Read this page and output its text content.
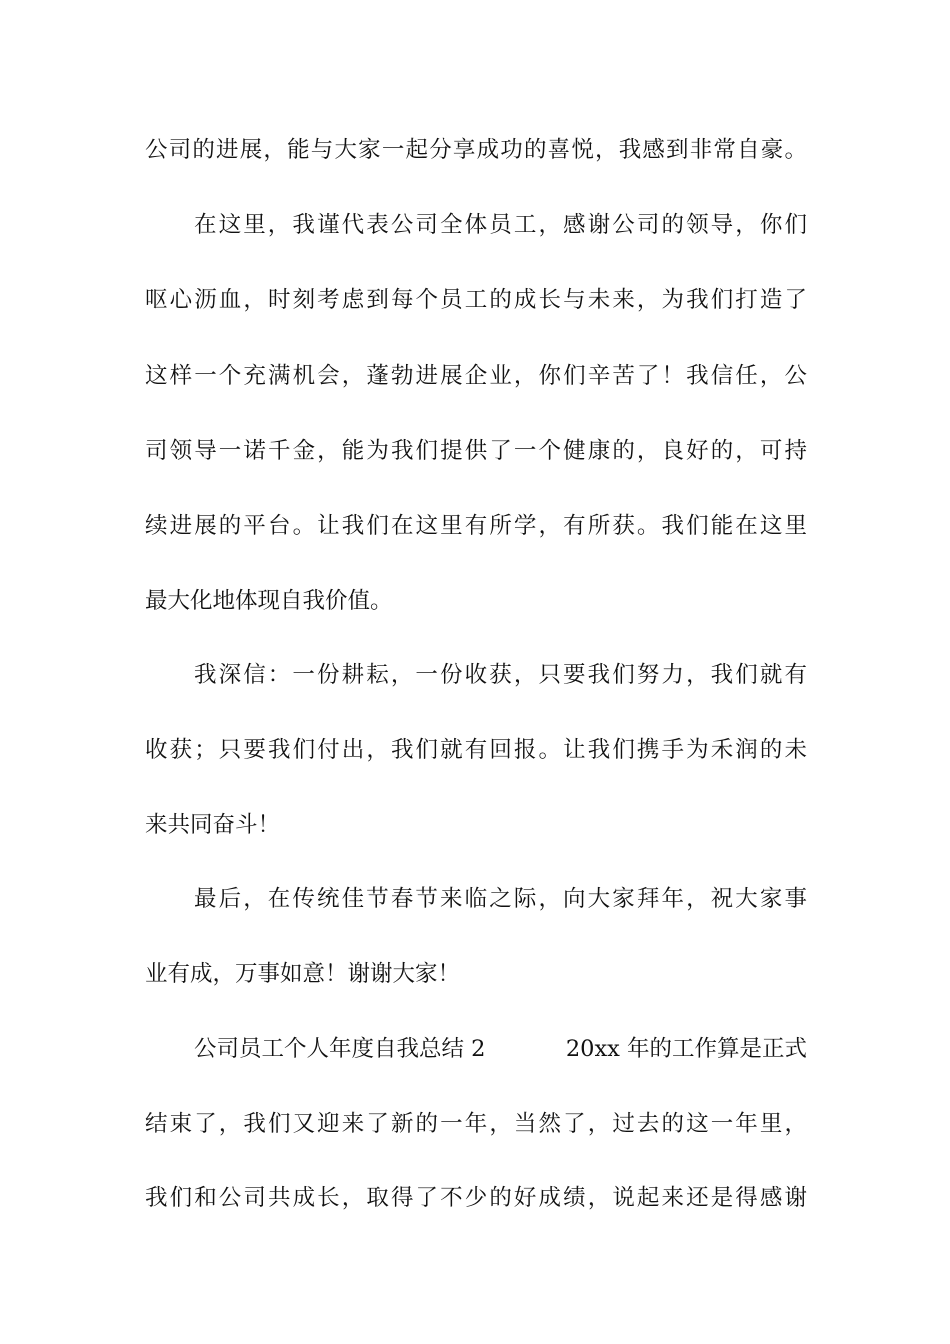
公司的进展，能与大家一起分享成功的喜悦，我感到非常自豪。
在这里，我谨代表公司全体员工，感谢公司的领导，你们
呕心沥血，时刻考虑到每个员工的成长与未来，为我们打造了
这样一个充满机会，蓬勃进展企业，你们辛苦了！我信任，公
司领导一诺千金，能为我们提供了一个健康的，良好的，可持
续进展的平台。让我们在这里有所学，有所获。我们能在这里
最大化地体现自我价值。
我深信：一份耕耘，一份收获，只要我们努力，我们就有
收获；只要我们付出，我们就有回报。让我们携手为禾润的未
来共同奋斗！
最后，在传统佳节春节来临之际，向大家拜年，祝大家事
业有成，万事如意！谢谢大家！
公司员工个人年度自我总结 2	20xx 年的工作算是正式
结束了，我们又迎来了新的一年，当然了，过去的这一年里，
我们和公司共成长，取得了不少的好成绩，说起来还是得感谢
